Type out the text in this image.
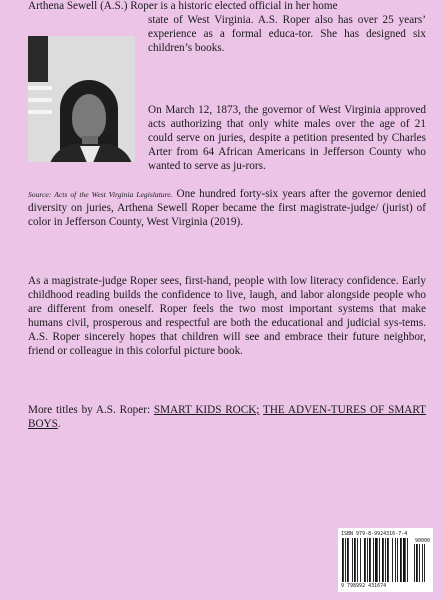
Arthena Sewell (A.S.) Roper is a historic elected official in her home
state of West Virginia. A.S. Roper also has over 25 years’ experience as a formal educa-tor. She has designed six children’s books.
On March 12, 1873, the governor of West Virginia approved acts authorizing that only white males over the age of 21 could serve on juries, despite a petition presented by Charles Arter from 64 African Americans in Jefferson County who wanted to serve as ju-rors.
Source: Acts of the West Virginia Legislature. One hundred forty-six years after the governor denied diversity on juries, Arthena Sewell Roper became the first magistrate-judge/ (jurist) of color in Jefferson County, West Virginia (2019).
As a magistrate-judge Roper sees, first-hand, people with low literacy confidence. Early childhood reading builds the confidence to live, laugh, and labor alongside people who are different from oneself. Roper feels the two most important systems that make humans civil, prosperous and respectful are both the educational and judicial sys-tems. A.S. Roper sincerely hopes that children will see and embrace their future neighbor, friend or colleague in this colorful picture book.
More titles by A.S. Roper: SMART KIDS ROCK; THE ADVEN-TURES OF SMART BOYS.
ISBN 979-8-9924316-7-4
9 798992 431674
90000
